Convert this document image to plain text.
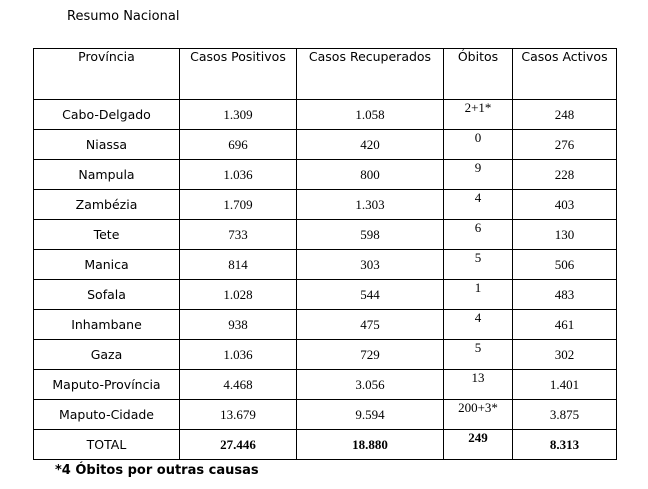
Resumo Nacional
Província	Casos Positivos	Casos Recuperados	Óbitos	Casos Activos
Cabo-Delgado	1.309	1.058	2+1*	248
Niassa	696	420	0	276
Nampula	1.036	800	9	228
Zambézia	1.709	1.303	4	403
Tete	733	598	6	130
Manica	814	303	5	506
Sofala	1.028	544	1	483
Inhambane	938	475	4	461
Gaza	1.036	729	5	302
Maputo-Província	4.468	3.056	13	1.401
Maputo-Cidade	13.679	9.594	200+3*	3.875
TOTAL	27.446	18.880	249	8.313
*4 Óbitos por outras causas
